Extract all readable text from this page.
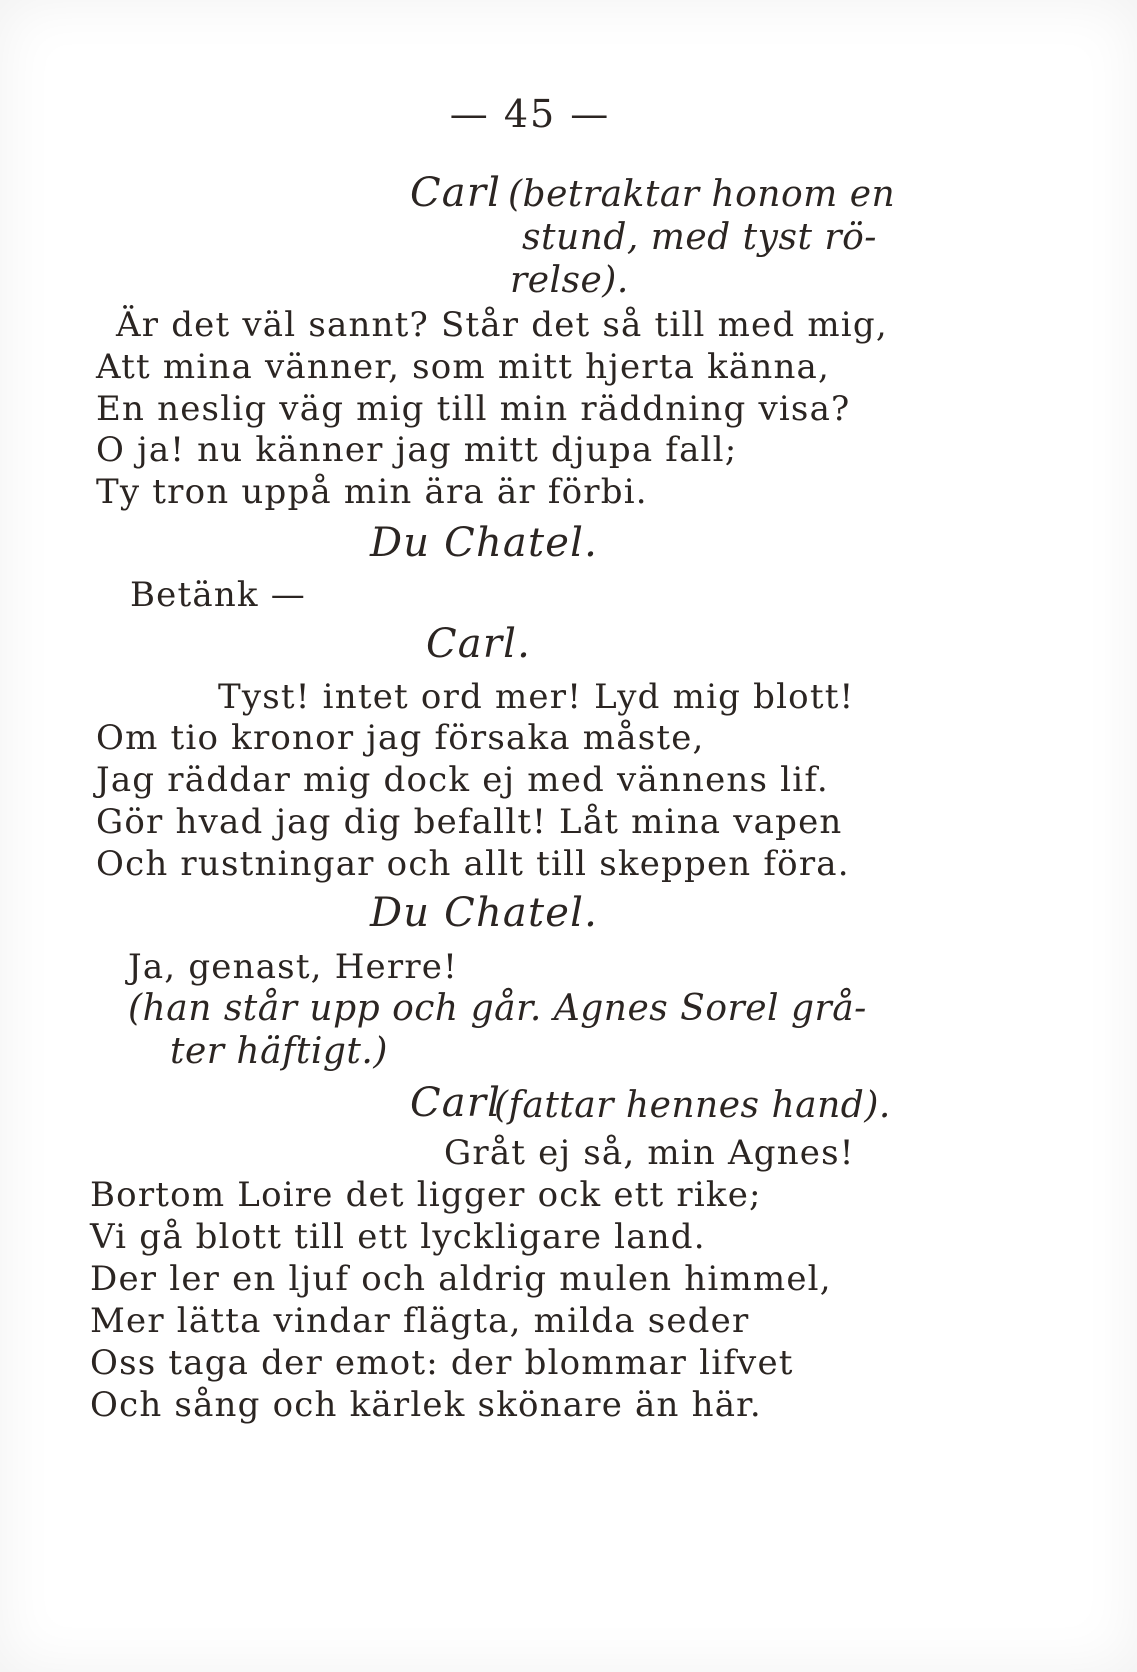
— 45 —
Carl (betraktar honom en
stund, med tyst rö-
relse).
Är det väl sannt? Står det så till med mig,
Att mina vänner, som mitt hjerta känna,
En neslig väg mig till min räddning visa?
O ja! nu känner jag mitt djupa fall;
Ty tron uppå min ära är förbi.
Du Chatel.
Betänk —
Carl.
Tyst! intet ord mer! Lyd mig blott!
Om tio kronor jag försaka måste,
Jag räddar mig dock ej med vännens lif.
Gör hvad jag dig befallt! Låt mina vapen
Och rustningar och allt till skeppen föra.
Du Chatel.
Ja, genast, Herre!
(han står upp och går. Agnes Sorel grå-
ter häftigt.)
Carl
(fattar hennes hand).
Gråt ej så, min Agnes!
Bortom Loire det ligger ock ett rike;
Vi gå blott till ett lyckligare land.
Der ler en ljuf och aldrig mulen himmel,
Mer lätta vindar flägta, milda seder
Oss taga der emot: der blommar lifvet
Och sång och kärlek skönare än här.
